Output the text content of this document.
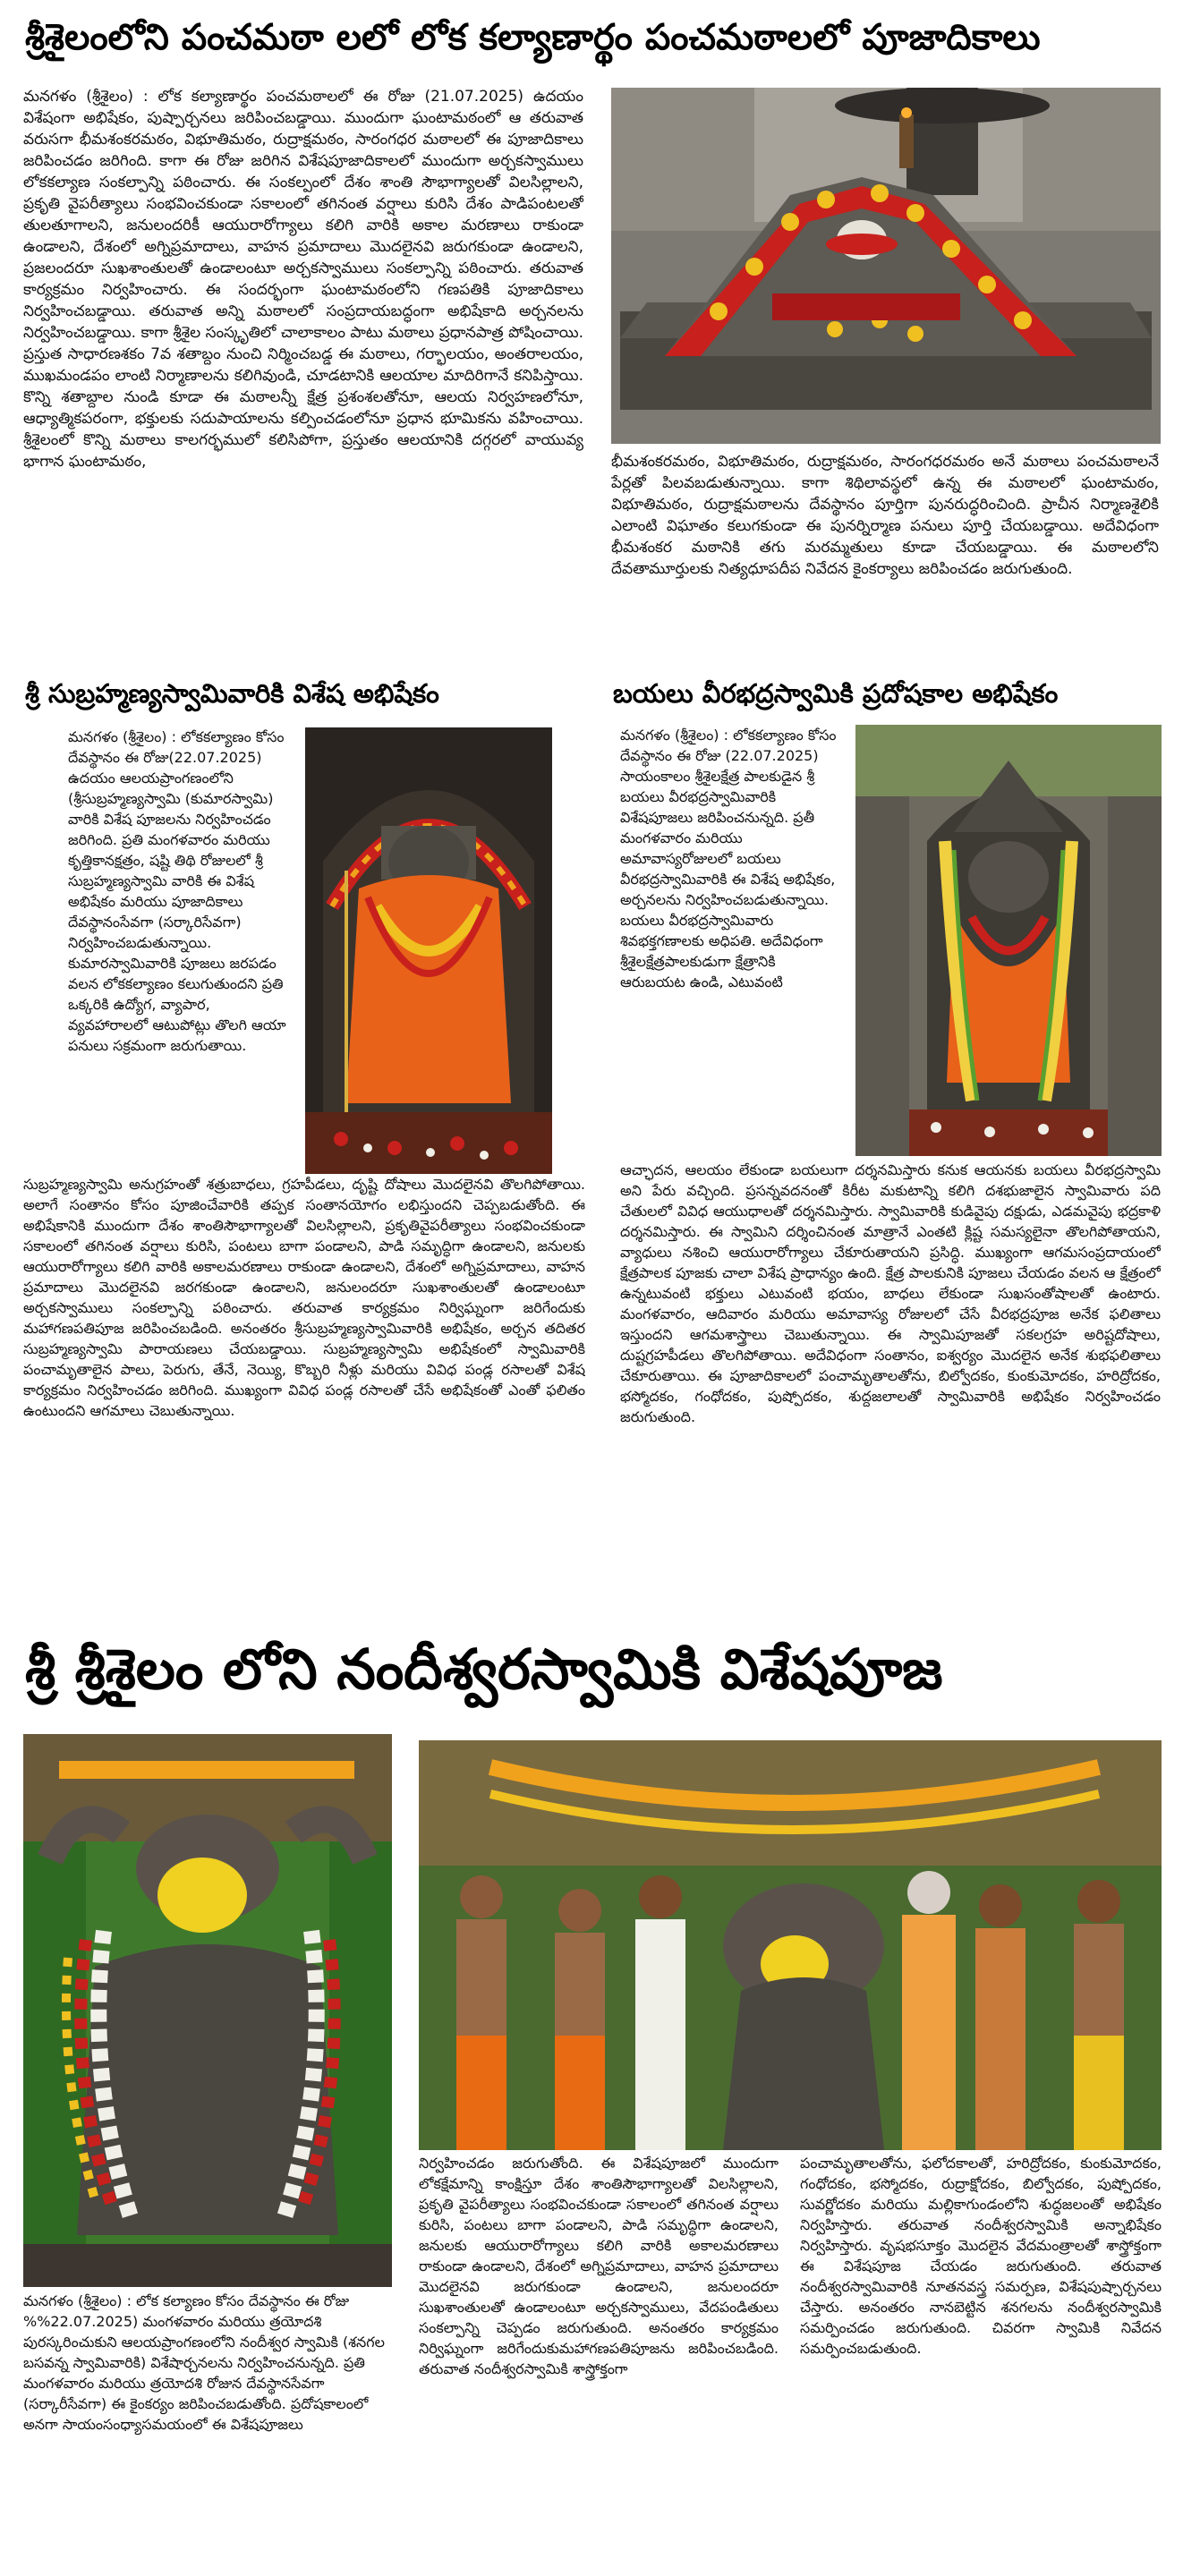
శ్రీశైలంలోని పంచమఠా లలో లోక కల్యాణార్థం పంచమఠాలలో పూజాదికాలు

మనగళం (శ్రీశైలం) : లోక కల్యాణార్థం పంచమఠాలలో ఈ రోజు (21.07.2025) ఉదయం విశేషంగా అభిషేకం, పుష్పార్చనలు జరిపించబడ్డాయి. ముందుగా ఘంటామఠంలో ఆ తరువాత వరుసగా భీమశంకరమఠం, విభూతిమఠం, రుద్రాక్షమఠం, సారంగధర మఠాలలో ఈ పూజాదికాలు జరిపించడం జరిగింది. కాగా ఈ రోజు జరిగిన విశేషపూజాదికాలలో ముందుగా అర్చకస్వాములు లోకకల్యాణ సంకల్పాన్ని పఠించారు. ఈ సంకల్పంలో దేశం శాంతి సౌభాగ్యాలతో విలసిల్లాలని, ప్రకృతి వైపరీత్యాలు సంభవించకుండా సకాలంలో తగినంత వర్షాలు కురిసి దేశం పాడిపంటలతో తులతూగాలని, జనులందరికీ ఆయురారోగ్యాలు కలిగి వారికి అకాల మరణాలు రాకుండా ఉండాలని, దేశంలో అగ్నిప్రమాదాలు, వాహన ప్రమాదాలు మొదలైనవి జరుగకుండా ఉండాలని, ప్రజలందరూ సుఖశాంతులతో ఉండాలంటూ అర్చకస్వాములు సంకల్పాన్ని పఠించారు. తరువాత కార్యక్రమం నిర్వహించారు. ఈ సందర్భంగా ఘంటామఠంలోని గణపతికి పూజాదికాలు నిర్వహించబడ్డాయి. తరువాత అన్ని మఠాలలో సంప్రదాయబద్ధంగా అభిషేకాది అర్చనలను నిర్వహించబడ్డాయి. కాగా శ్రీశైల సంస్కృతిలో చాలాకాలం పాటు మఠాలు ప్రధానపాత్ర పోషించాయి. ప్రస్తుత సాధారణశకం 7వ శతాబ్దం నుంచి నిర్మించబడ్డ ఈ మఠాలు, గర్భాలయం, అంతరాలయం, ముఖమండపం లాంటి నిర్మాణాలను కలిగివుండి, చూడటానికి ఆలయాల మాదిరిగానే కనిపిస్తాయి. కొన్ని శతాబ్దాల నుండి కూడా ఈ మఠాలన్నీ క్షేత్ర ప్రశంశలతోనూ, ఆలయ నిర్వహణలోనూ, ఆధ్యాత్మికపరంగా, భక్తులకు సదుపాయాలను కల్పించడంలోనూ ప్రధాన భూమికను వహించాయి. శ్రీశైలంలో కొన్ని మఠాలు కాలగర్భములో కలిసిపోగా, ప్రస్తుతం ఆలయానికి దగ్గరలో వాయువ్య భాగాన ఘంటామఠం,	భీమశంకరమఠం, విభూతిమఠం, రుద్రాక్షమఠం, సారంగధరమఠం అనే మఠాలు పంచమఠాలనే పేర్లతో పిలవబడుతున్నాయి. కాగా శిథిలావస్థలో ఉన్న ఈ మఠాలలో ఘంటామఠం, విభూతిమఠం, రుద్రాక్షమఠాలను దేవస్థానం పూర్తిగా పునరుద్ధరించింది. ప్రాచీన నిర్మాణశైలికి ఎలాంటి విఘాతం కలుగకుండా ఈ పునర్నిర్మాణ పనులు పూర్తి చేయబడ్డాయి. అదేవిధంగా భీమశంకర మఠానికి తగు మరమ్మతులు కూడా చేయబడ్డాయి. ఈ మఠాలలోని దేవతామూర్తులకు నిత్యధూపదీప నివేదన కైంకర్యాలు జరిపించడం జరుగుతుంది.

శ్రీ సుబ్రహ్మణ్యస్వామివారికి విశేష అభిషేకం

మనగళం (శ్రీశైలం) : లోకకల్యాణం కోసం దేవస్థానం ఈ రోజు(22.07.2025) ఉదయం ఆలయప్రాంగణంలోని (శ్రీసుబ్రహ్మణ్యస్వామి (కుమారస్వామి) వారికి విశేష పూజలను నిర్వహించడం జరిగింది. ప్రతి మంగళవారం మరియు కృత్తికానక్షత్రం, షష్టి తిథి రోజులలో శ్రీ సుబ్రహ్మణ్యస్వామి వారికి ఈ విశేష అభిషేకం మరియు పూజాదికాలు దేవస్థానంసేవగా (సర్కారిసేవగా) నిర్వహించబడుతున్నాయి. కుమారస్వామివారికి పూజలు జరపడం వలన లోకకల్యాణం కలుగుతుందని ప్రతి ఒక్కరికి ఉద్యోగ, వ్యాపార, వ్యవహారాలలో ఆటుపోట్లు తొలగి ఆయా పనులు సక్రమంగా జరుగుతాయి.

సుబ్రహ్మణ్యస్వామి అనుగ్రహంతో శత్రుబాధలు, గ్రహపీడలు, దృష్టి దోషాలు మొదలైనవి తొలగిపోతాయి. అలాగే సంతానం కోసం పూజించేవారికి తప్పక సంతానయోగం లభిస్తుందని చెప్పబడుతోంది. ఈ అభిషేకానికి ముందుగా దేశం శాంతిసౌభాగ్యాలతో విలసిల్లాలని, ప్రకృతివైపరీత్యాలు సంభవించకుండా సకాలంలో తగినంత వర్షాలు కురిసి, పంటలు బాగా పండాలని, పాడి సమృద్ధిగా ఉండాలని, జనులకు ఆయురారోగ్యాలు కలిగి వారికి అకాలమరణాలు రాకుండా ఉండాలని, దేశంలో అగ్నిప్రమాదాలు, వాహన ప్రమాదాలు మొదలైనవి జరగకుండా ఉండాలని, జనులందరూ సుఖశాంతులతో ఉండాలంటూ అర్చకస్వాములు సంకల్పాన్ని పఠించారు. తరువాత కార్యక్రమం నిర్విఘ్నంగా జరిగేందుకు మహాగణపతిపూజ జరిపించబడింది. అనంతరం శ్రీసుబ్రహ్మణ్యస్వామివారికి అభిషేకం, అర్చన తదితర సుబ్రహ్మణ్యస్వామి పారాయణలు చేయబడ్డాయి. సుబ్రహ్మణ్యస్వామి అభిషేకంలో స్వామివారికి పంచామృతాలైన పాలు, పెరుగు, తేనే, నెయ్యి, కొబ్బరి నీళ్లు మరియు వివిధ పండ్ల రసాలతో విశేష కార్యక్రమం నిర్వహించడం జరిగింది. ముఖ్యంగా వివిధ పండ్ల రసాలతో చేసే అభిషేకంతో ఎంతో ఫలితం ఉంటుందని ఆగమాలు చెబుతున్నాయి.

బయలు వీరభద్రస్వామికి ప్రదోషకాల అభిషేకం

మనగళం (శ్రీశైలం) : లోకకల్యాణం కోసం దేవస్థానం ఈ రోజు (22.07.2025) సాయంకాలం శ్రీశైలక్షేత్ర పాలకుడైన శ్రీ బయలు వీరభద్రస్వామివారికి విశేషపూజలు జరిపించనున్నది. ప్రతీ మంగళవారం మరియు అమావాస్యరోజులలో బయలు వీరభద్రస్వామివారికి ఈ విశేష అభిషేకం, అర్చనలను నిర్వహించబడుతున్నాయి. బయలు వీరభద్రస్వామివారు శివభక్తగణాలకు అధిపతి. అదేవిధంగా శ్రీశైలక్షేత్రపాలకుడుగా క్షేత్రానికి ఆరుబయట ఉండి, ఎటువంటి

ఆచ్ఛాదన, ఆలయం లేకుండా బయలుగా దర్శనమిస్తారు కనుక ఆయనకు బయలు వీరభద్రస్వామి అని పేరు వచ్చింది. ప్రసన్నవదనంతో కిరీట మకుటాన్ని కలిగి దశభుజాలైన స్వామివారు పది చేతులలో వివిధ ఆయుధాలతో దర్శనమిస్తారు. స్వామివారికి కుడివైపు దక్షుడు, ఎడమవైపు భద్రకాళి దర్శనమిస్తారు. ఈ స్వామిని దర్శించినంత మాత్రానే ఎంతటి క్లిష్ట సమస్యలైనా తొలగిపోతాయని, వ్యాధులు నశించి ఆయురారోగ్యాలు చేకూరుతాయని ప్రసిద్ధి. ముఖ్యంగా ఆగమసంప్రదాయంలో క్షేత్రపాలక పూజకు చాలా విశేష ప్రాధాన్యం ఉంది. క్షేత్ర పాలకునికి పూజలు చేయడం వలన ఆ క్షేత్రంలో ఉన్నటువంటి భక్తులు ఎటువంటి భయం, బాధలు లేకుండా సుఖసంతోషాలతో ఉంటారు. మంగళవారం, ఆదివారం మరియు అమావాస్య రోజులలో చేసే వీరభద్రపూజ అనేక ఫలితాలు ఇస్తుందని ఆగమశాస్త్రాలు చెబుతున్నాయి. ఈ స్వామిపూజతో సకలగ్రహ అరిష్టదోషాలు, దుష్టగ్రహపీడలు తొలగిపోతాయి. అదేవిధంగా సంతానం, ఐశ్వర్యం మొదలైన అనేక శుభఫలితాలు చేకూరుతాయి. ఈ పూజాదికాలలో పంచామృతాలతోను, బిల్వోదకం, కుంకుమోదకం, హరిద్రోదకం, భస్మోదకం, గంధోదకం, పుష్పోదకం, శుద్దజలాలతో స్వామివారికి అభిషేకం నిర్వహించడం జరుగుతుంది.

శ్రీ శ్రీశైలం లోని నందీశ్వరస్వామికి విశేషపూజ

మనగళం (శ్రీశైలం) : లోక కల్యాణం కోసం దేవస్థానం ఈ రోజు %%22.07.2025) మంగళవారం మరియు త్రయోదశి పురస్కరించుకుని ఆలయప్రాంగణంలోని నందీశ్వర స్వామికి (శనగల బసవన్న స్వామివారికి) విశేషార్చనలను నిర్వహించనున్నది. ప్రతి మంగళవారం మరియు త్రయోదశి రోజున దేవస్థానసేవగా (సర్కారీసేవగా) ఈ కైంకర్యం జరిపించబడుతోంది. ప్రదోషకాలంలో అనగా సాయంసంధ్యాసమయంలో ఈ విశేషపూజలు

నిర్వహించడం జరుగుతోంది. ఈ విశేషపూజలో ముందుగా లోకక్షేమాన్ని కాంక్షిస్తూ దేశం శాంతిసౌభాగ్యాలతో విలసిల్లాలని, ప్రకృతి వైపరీత్యాలు సంభవించకుండా సకాలంలో తగినంత వర్షాలు కురిసి, పంటలు బాగా పండాలని, పాడి సమృద్ధిగా ఉండాలని, జనులకు ఆయురారోగ్యాలు కలిగి వారికి అకాలమరణాలు రాకుండా ఉండాలని, దేశంలో అగ్నిప్రమాదాలు, వాహన ప్రమాదాలు మొదలైనవి జరుగకుండా ఉండాలని, జనులందరూ సుఖశాంతులతో ఉండాలంటూ అర్చకస్వాములు, వేదపండితులు సంకల్పాన్ని చెప్పడం జరుగుతుంది. అనంతరం కార్యక్రమం నిర్విఘ్నంగా జరిగేందుకుమహాగణపతిపూజను జరిపించబడింది. తరువాత నందీశ్వరస్వామికి శాస్త్రోక్తంగా

పంచామృతాలతోను, ఫలోదకాలతో, హరిద్రోదకం, కుంకుమోదకం, గంధోదకం, భస్మోదకం, రుద్రాక్షోదకం, బిల్వోదకం, పుష్పోదకం, సువర్ణోదకం మరియు మల్లికాగుండంలోని శుద్ధజలంతో అభిషేకం నిర్వహిస్తారు. తరువాత నందీశ్వరస్వామికి అన్నాభిషేకం నిర్వహిస్తారు. వృషభసూక్తం మొదలైన వేదమంత్రాలతో శాస్త్రోక్తంగా ఈ విశేషపూజ చేయడం జరుగుతుంది. తరువాత నందీశ్వరస్వామివారికి నూతనవస్త్ర సమర్పణ, విశేషపుష్పార్చనలు చేస్తారు. అనంతరం నానబెట్టిన శనగలను నందీశ్వరస్వామికి సమర్పించడం జరుగుతుంది. చివరగా స్వామికి నివేదన సమర్పించబడుతుంది.
